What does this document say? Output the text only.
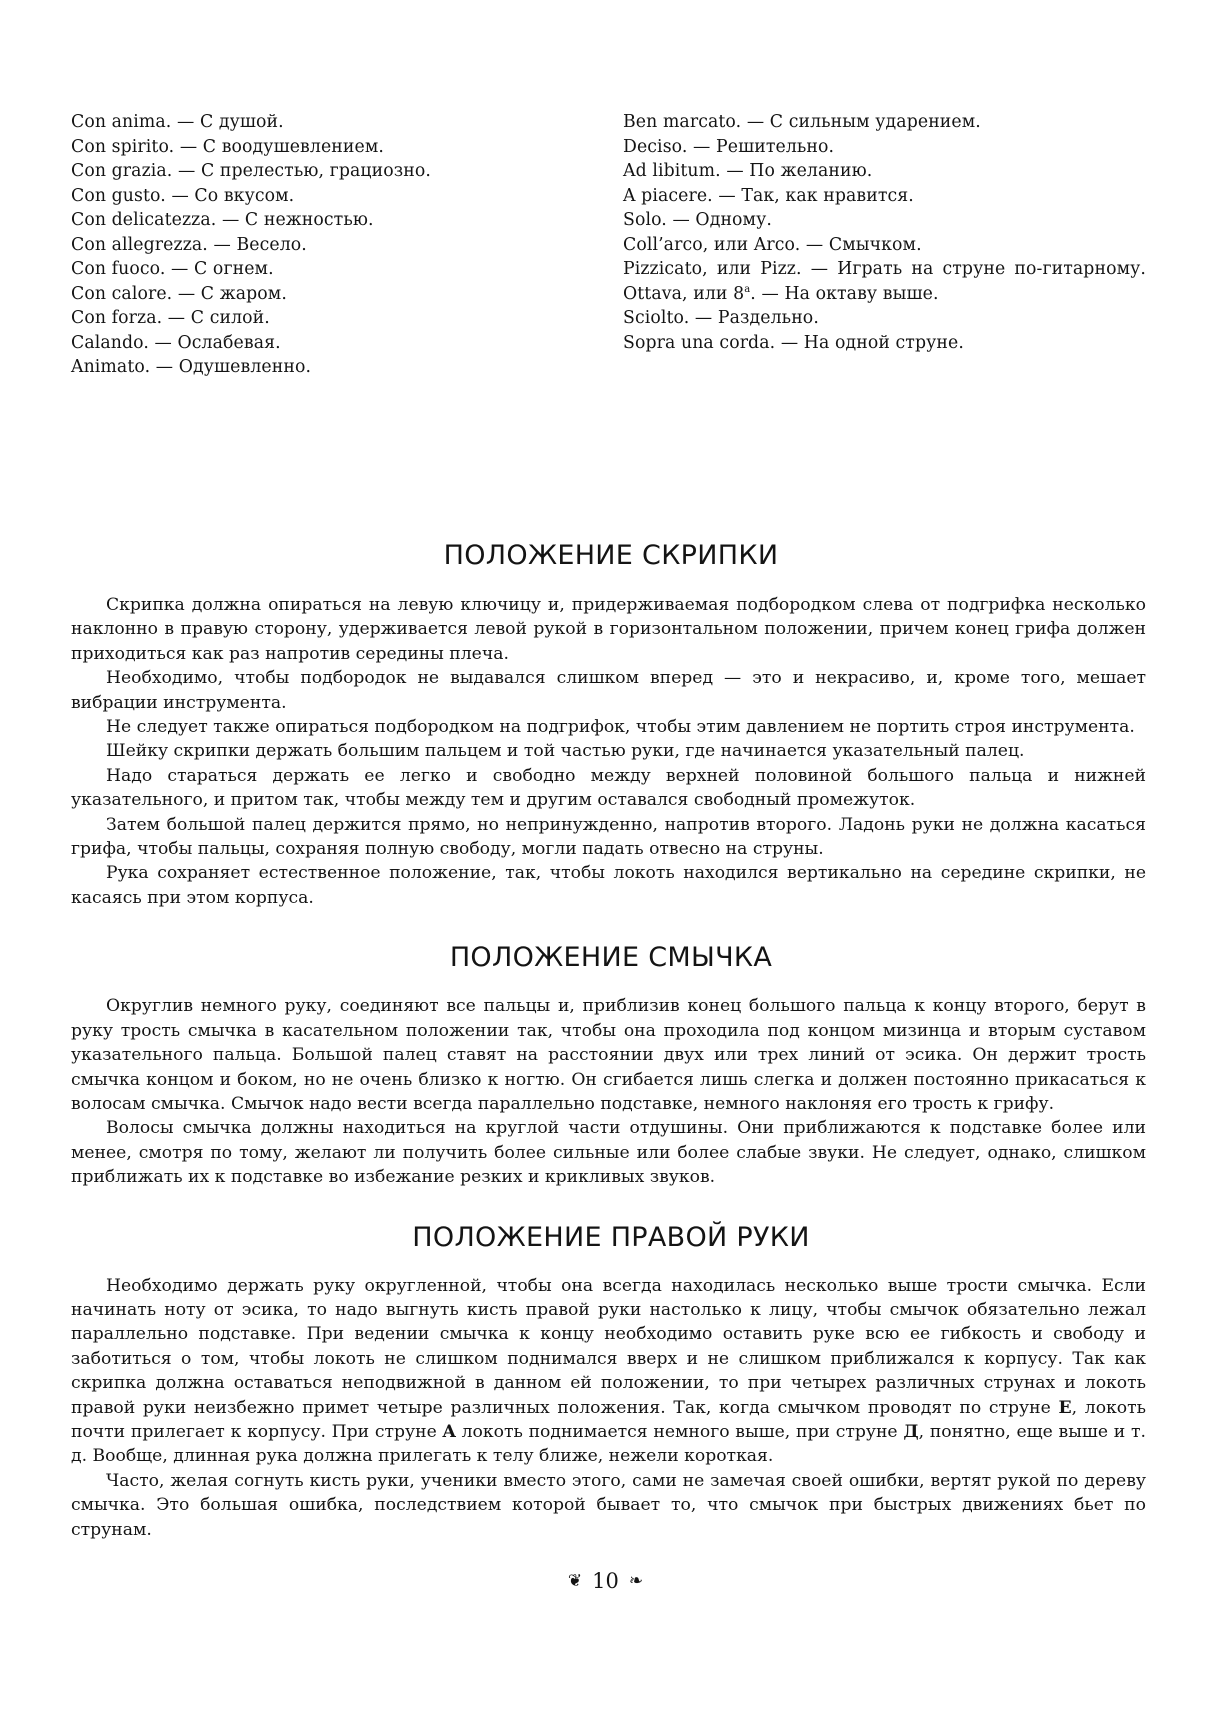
Con anima. — С душой.
Con spirito. — С воодушевлением.
Con grazia. — С прелестью, грациозно.
Con gusto. — Со вкусом.
Con delicatezza. — С нежностью.
Con allegrezza. — Весело.
Con fuoco. — С огнем.
Con calore. — С жаром.
Con forza. — С силой.
Calando. — Ослабевая.
Animato. — Одушевленно.
Ben marcato. — С сильным ударением.
Deciso. — Решительно.
Ad libitum. — По желанию.
A piacere. — Так, как нравится.
Solo. — Одному.
Coll’arco, или Arco. — Смычком.
Pizzicato, или Pizz. — Играть на струне по-гитарному.
Ottava, или $8^а$. — На октаву выше.
Sciolto. — Раздельно.
Sopra una corda. — На одной струне.
ПОЛОЖЕНИЕ СКРИПКИ

Скрипка должна опираться на левую ключицу и, придерживаемая подбородком слева от подгрифка несколько наклонно в правую сторону, удерживается левой рукой в горизонтальном положении, причем конец грифа должен приходиться как раз напротив середины плеча.

Необходимо, чтобы подбородок не выдавался слишком вперед — это и некрасиво, и, кроме того, мешает вибрации инструмента.

Не следует также опираться подбородком на подгрифок, чтобы этим давлением не портить строя инструмента.

Шейку скрипки держать большим пальцем и той частью руки, где начинается указательный палец.

Надо стараться держать ее легко и свободно между верхней половиной большого пальца и нижней указательного, и притом так, чтобы между тем и другим оставался свободный промежуток.

Затем большой палец держится прямо, но непринужденно, напротив второго. Ладонь руки не должна касаться грифа, чтобы пальцы, сохраняя полную свободу, могли падать отвесно на струны.

Рука сохраняет естественное положение, так, чтобы локоть находился вертикально на середине скрипки, не касаясь при этом корпуса.

ПОЛОЖЕНИЕ СМЫЧКА

Округлив немного руку, соединяют все пальцы и, приблизив конец большого пальца к концу второго, берут в руку трость смычка в касательном положении так, чтобы она проходила под концом мизинца и вторым суставом указательного пальца. Большой палец ставят на расстоянии двух или трех линий от эсика. Он держит трость смычка концом и боком, но не очень близко к ногтю. Он сгибается лишь слегка и должен постоянно прикасаться к волосам смычка. Смычок надо вести всегда параллельно подставке, немного наклоняя его трость к грифу.

Волосы смычка должны находиться на круглой части отдушины. Они приближаются к подставке более или менее, смотря по тому, желают ли получить более сильные или более слабые звуки. Не следует, однако, слишком приближать их к подставке во избежание резких и крикливых звуков.

ПОЛОЖЕНИЕ ПРАВОЙ РУКИ

Необходимо держать руку округленной, чтобы она всегда находилась несколько выше трости смычка. Если начинать ноту от эсика, то надо выгнуть кисть правой руки настолько к лицу, чтобы смычок обязательно лежал параллельно подставке. При ведении смычка к концу необходимо оставить руке всю ее гибкость и свободу и заботиться о том, чтобы локоть не слишком поднимался вверх и не слишком приближался к корпусу. Так как скрипка должна оставаться неподвижной в данном ей положении, то при четырех различных струнах и локоть правой руки неизбежно примет четыре различных положения. Так, когда смычком проводят по струне E, локоть почти прилегает к корпусу. При струне A локоть поднимается немного выше, при струне Д, понятно, еще выше и т. д. Вообще, длинная рука должна прилегать к телу ближе, нежели короткая.

Часто, желая согнуть кисть руки, ученики вместо этого, сами не замечая своей ошибки, вертят рукой по дереву смычка. Это большая ошибка, последствием которой бывает то, что смычок при быстрых движениях бьет по струнам.

❦ 10 ❧
